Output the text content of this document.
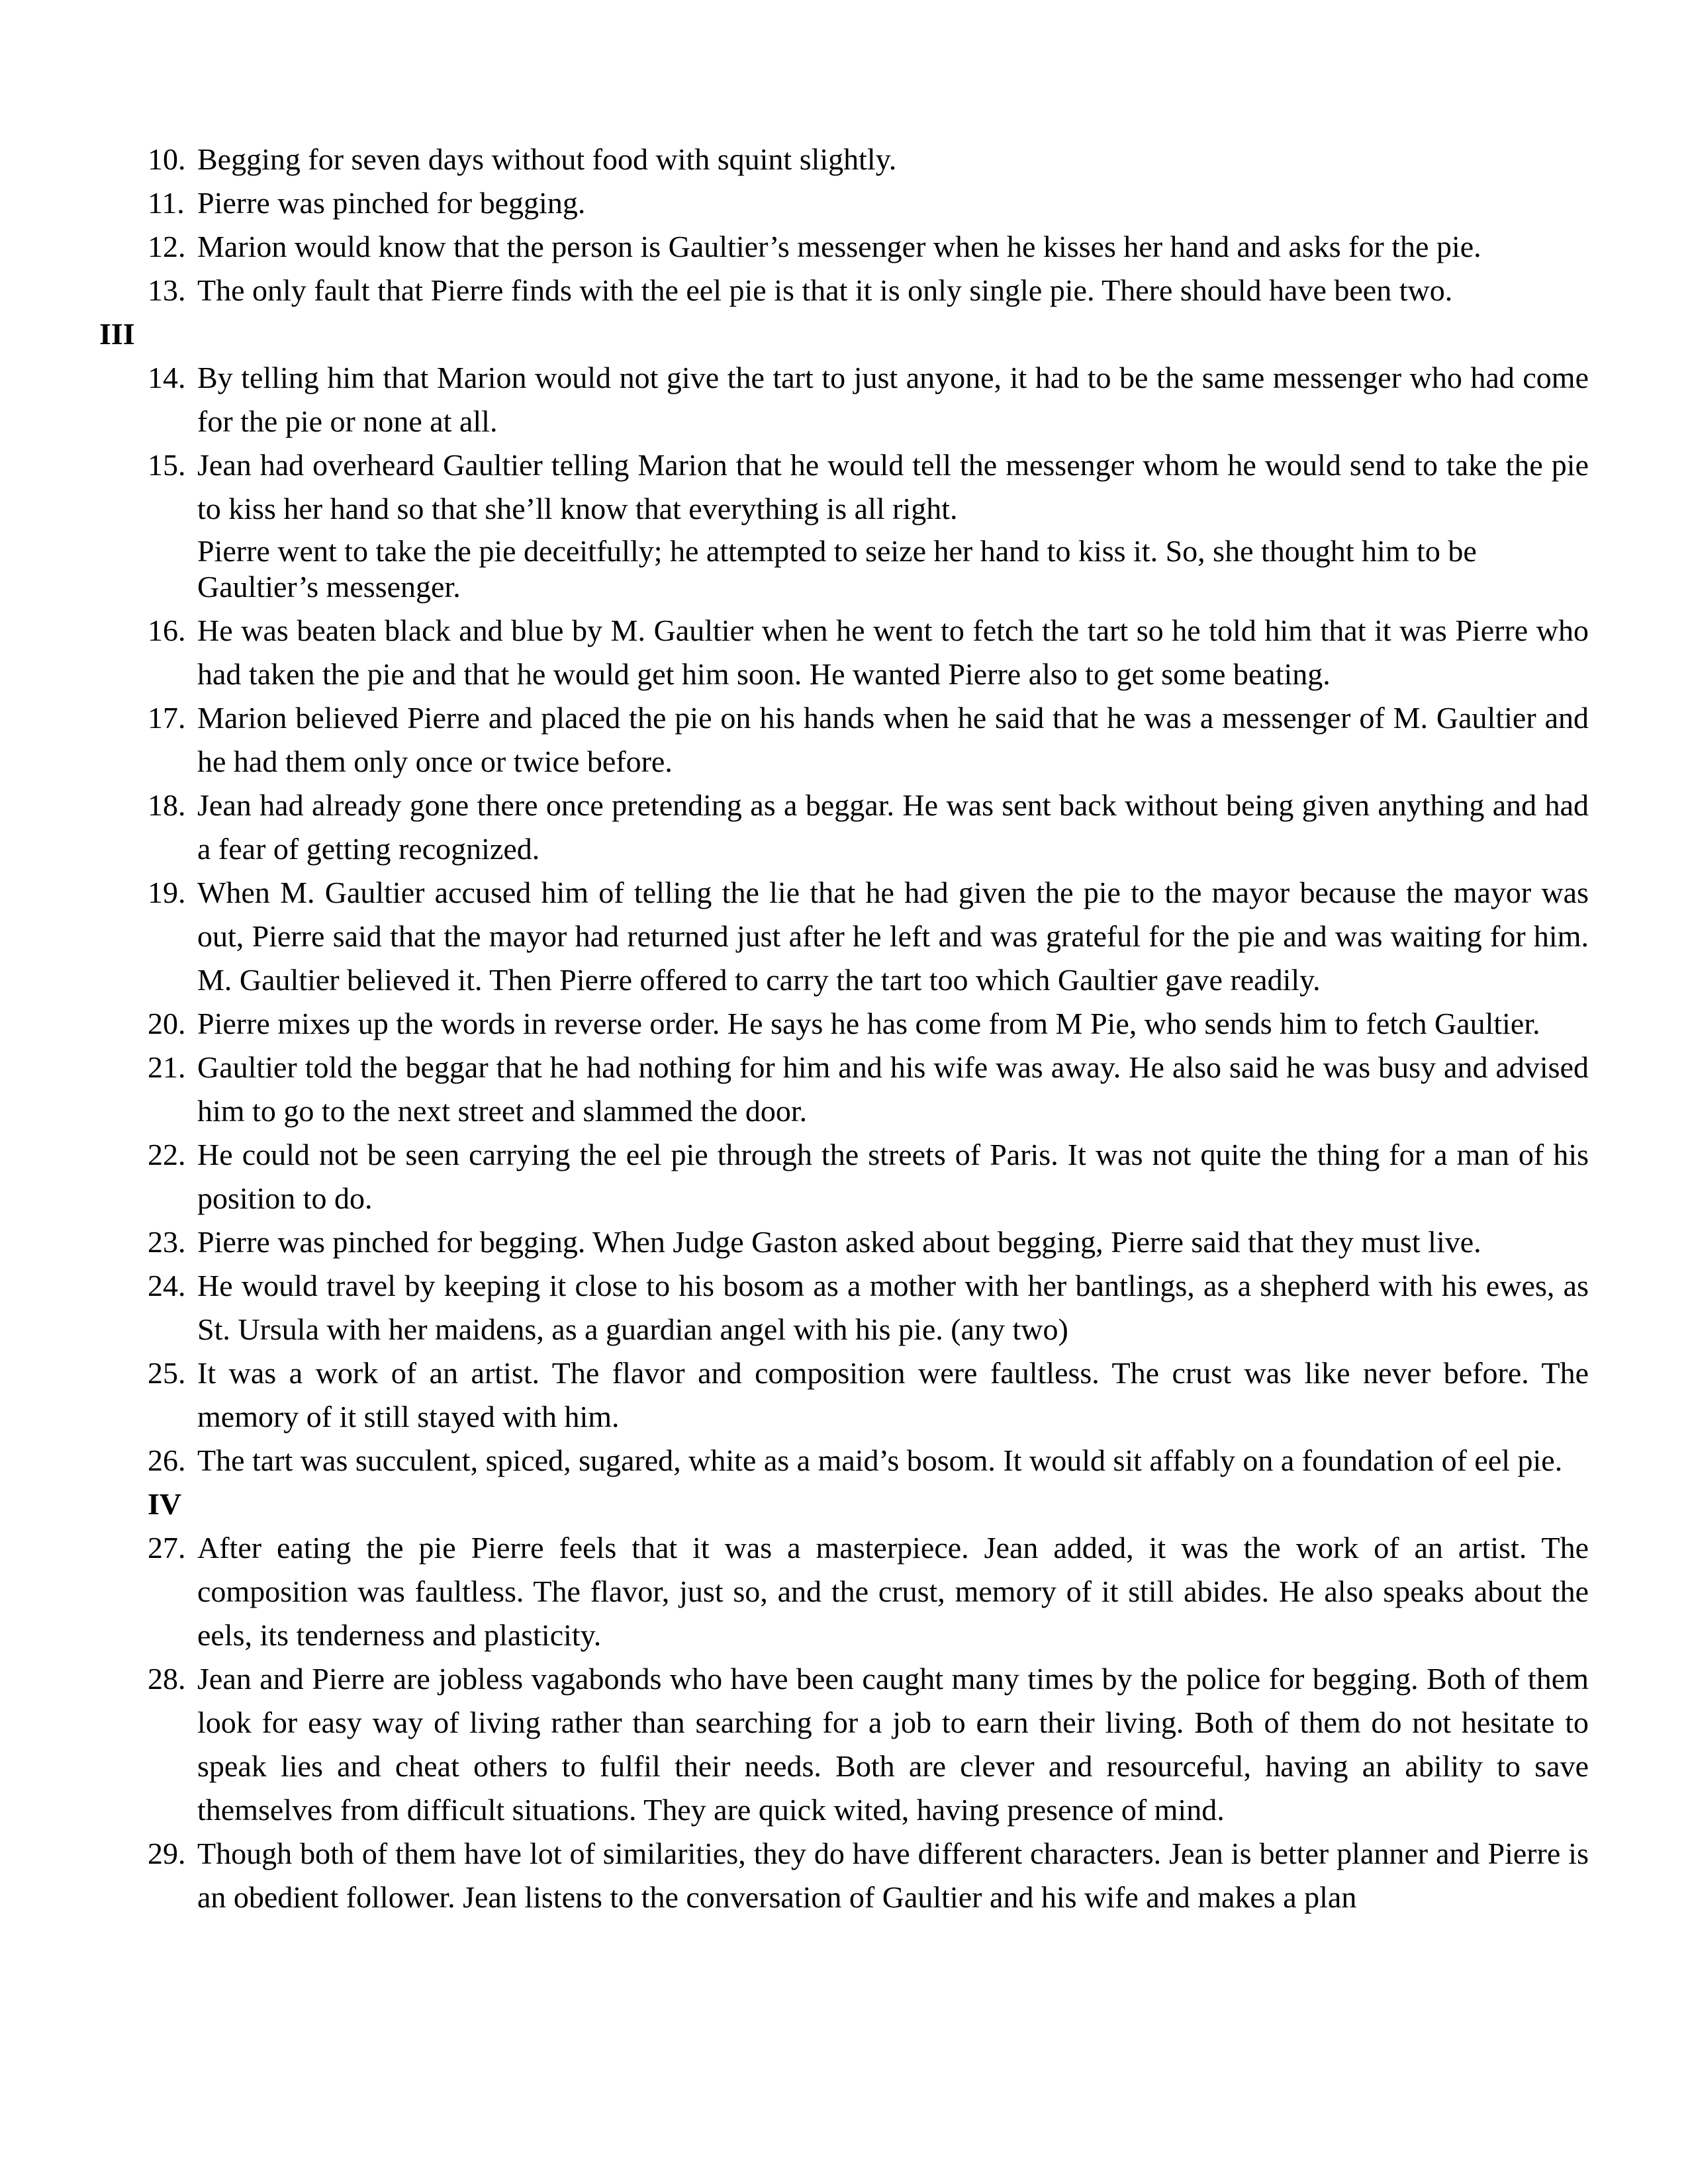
10. Begging for seven days without food with squint slightly.
11. Pierre was pinched for begging.
12. Marion would know that the person is Gaultier’s messenger when he kisses her hand and asks for the pie.
13. The only fault that Pierre finds with the eel pie is that it is only single pie. There should have been two.
III
14. By telling him that Marion would not give the tart to just anyone, it had to be the same messenger who had come for the pie or none at all.
15. Jean had overheard Gaultier telling Marion that he would tell the messenger whom he would send to take the pie to kiss her hand so that she’ll know that everything is all right.
Pierre went to take the pie deceitfully; he attempted to seize her hand to kiss it. So, she thought him to be Gaultier’s messenger.
16. He was beaten black and blue by M. Gaultier when he went to fetch the tart so he told him that it was Pierre who had taken the pie and that he would get him soon. He wanted Pierre also to get some beating.
17. Marion believed Pierre and placed the pie on his hands when he said that he was a messenger of M. Gaultier and he had them only once or twice before.
18. Jean had already gone there once pretending as a beggar. He was sent back without being given anything and had a fear of getting recognized.
19. When M. Gaultier accused him of telling the lie that he had given the pie to the mayor because the mayor was out, Pierre said that the mayor had returned just after he left and was grateful for the pie and was waiting for him. M. Gaultier believed it. Then Pierre offered to carry the tart too which Gaultier gave readily.
20. Pierre mixes up the words in reverse order. He says he has come from M Pie, who sends him to fetch Gaultier.
21. Gaultier told the beggar that he had nothing for him and his wife was away. He also said he was busy and advised him to go to the next street and slammed the door.
22. He could not be seen carrying the eel pie through the streets of Paris. It was not quite the thing for a man of his position to do.
23. Pierre was pinched for begging. When Judge Gaston asked about begging, Pierre said that they must live.
24. He would travel by keeping it close to his bosom as a mother with her bantlings, as a shepherd with his ewes, as St. Ursula with her maidens, as a guardian angel with his pie. (any two)
25. It was a work of an artist. The flavor and composition were faultless. The crust was like never before. The memory of it still stayed with him.
26. The tart was succulent, spiced, sugared, white as a maid’s bosom. It would sit affably on a foundation of eel pie.
IV
27. After eating the pie Pierre feels that it was a masterpiece. Jean added, it was the work of an artist. The composition was faultless. The flavor, just so, and the crust, memory of it still abides. He also speaks about the eels, its tenderness and plasticity.
28. Jean and Pierre are jobless vagabonds who have been caught many times by the police for begging. Both of them look for easy way of living rather than searching for a job to earn their living. Both of them do not hesitate to speak lies and cheat others to fulfil their needs. Both are clever and resourceful, having an ability to save themselves from difficult situations. They are quick wited, having presence of mind.
29. Though both of them have lot of similarities, they do have different characters. Jean is better planner and Pierre is an obedient follower. Jean listens to the conversation of Gaultier and his wife and makes a plan
